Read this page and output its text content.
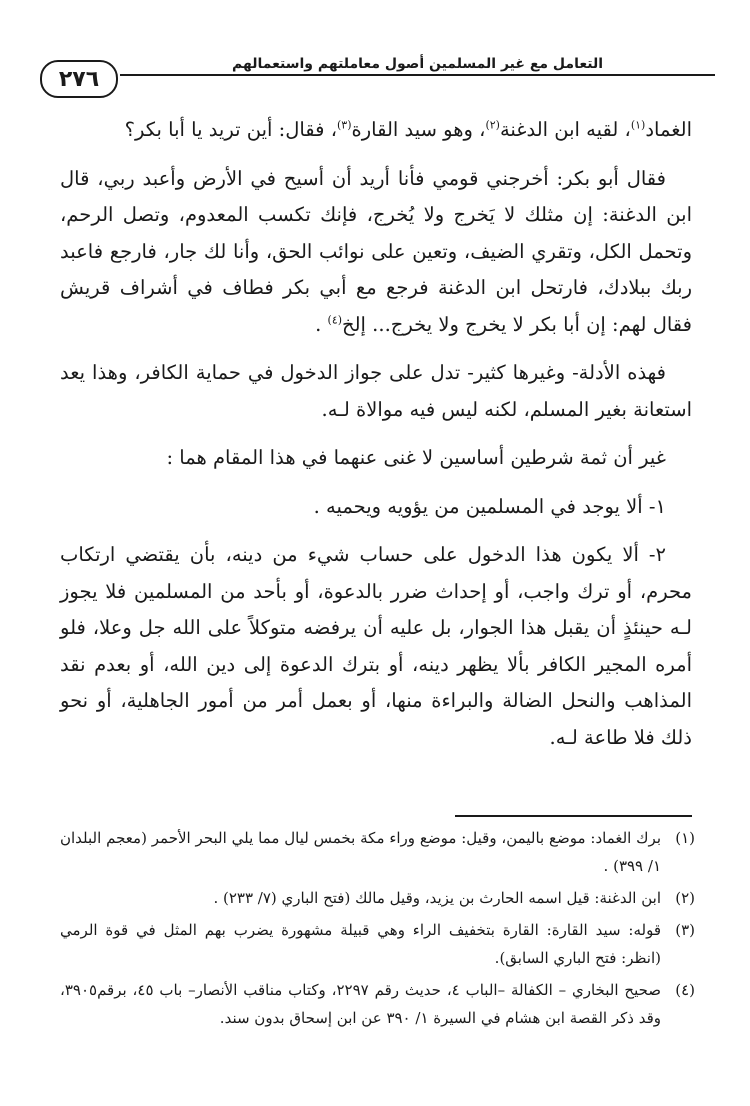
التعامل مع غير المسلمين أصول معاملتهم واستعمالهم
٢٧٦

الغماد$^{(١)}$، لقيه ابن الدغنة$^{(٢)}$، وهو سيد القارة$^{(٣)}$، فقال: أين تريد يا أبا بكر؟

فقال أبو بكر: أخرجني قومي فأنا أريد أن أسيح في الأرض وأعبد ربي، قال ابن الدغنة: إن مثلك لا يَخرج ولا يُخرج، فإنك تكسب المعدوم، وتصل الرحم، وتحمل الكل، وتقري الضيف، وتعين على نوائب الحق، وأنا لك جار، فارجع فاعبد ربك ببلادك، فارتحل ابن الدغنة فرجع مع أبي بكر فطاف في أشراف قريش فقال لهم: إن أبا بكر لا يخرج ولا يخرج... إلخ$^{(٤)}$ .

فهذه الأدلة- وغيرها كثير- تدل على جواز الدخول في حماية الكافر، وهذا يعد استعانة بغير المسلم، لكنه ليس فيه موالاة لـه.

غير أن ثمة شرطين أساسين لا غنى عنهما في هذا المقام هما :

١- ألا يوجد في المسلمين من يؤويه ويحميه .

٢- ألا يكون هذا الدخول على حساب شيء من دينه، بأن يقتضي ارتكاب محرم، أو ترك واجب، أو إحداث ضرر بالدعوة، أو بأحد من المسلمين فلا يجوز لـه حينئذٍ أن يقبل هذا الجوار، بل عليه أن يرفضه متوكلاً على الله جل وعلا، فلو أمره المجير الكافر بألا يظهر دينه، أو بترك الدعوة إلى دين الله، أو بعدم نقد المذاهب والنحل الضالة والبراءة منها، أو بعمل أمر من أمور الجاهلية، أو نحو ذلك فلا طاعة لـه.

(١)
برك الغماد: موضع باليمن، وقيل: موضع وراء مكة بخمس ليال مما يلي البحر الأحمر (معجم البلدان ١/ ٣٩٩) .
(٢)
ابن الدغنة: قيل اسمه الحارث بن يزيد، وقيل مالك (فتح الباري (٧/ ٢٣٣) .
(٣)
قوله: سيد القارة: القارة بتخفيف الراء وهي قبيلة مشهورة يضرب بهم المثل في قوة الرمي (انظر: فتح الباري السابق).
(٤)
صحيح البخاري – الكفالة –الباب ٤، حديث رقم ٢٢٩٧، وكتاب مناقب الأنصار– باب ٤٥، برقم٣٩٠٥، وقد ذكر القصة ابن هشام في السيرة ١/ ٣٩٠ عن ابن إسحاق بدون سند.
